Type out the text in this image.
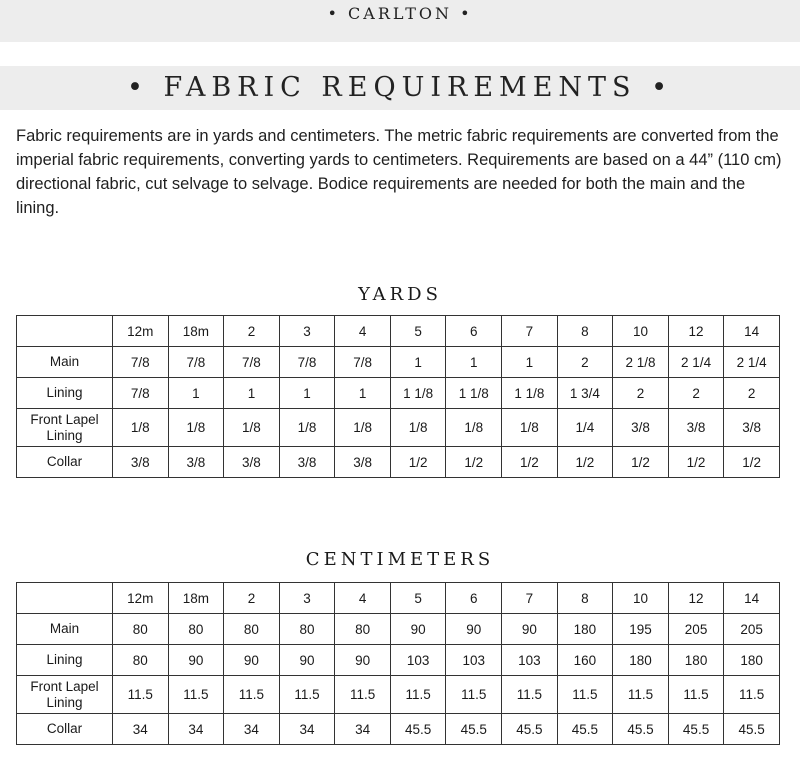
• CARLTON •
• FABRIC REQUIREMENTS •

Fabric requirements are in yards and centimeters. The metric fabric requirements are converted from the imperial fabric requirements, converting yards to centimeters. Requirements are based on a 44” (110 cm) directional fabric, cut selvage to selvage. Bodice requirements are needed for both the main and the lining.

YARDS
	12m	18m	2	3	4	5	6	7	8	10	12	14
Main	7/8	7/8	7/8	7/8	7/8	1	1	1	2	2 1/8	2 1/4	2 1/4
Lining	7/8	1	1	1	1	1 1/8	1 1/8	1 1/8	1 3/4	2	2	2
Front Lapel Lining	1/8	1/8	1/8	1/8	1/8	1/8	1/8	1/8	1/4	3/8	3/8	3/8
Collar	3/8	3/8	3/8	3/8	3/8	1/2	1/2	1/2	1/2	1/2	1/2	1/2
CENTIMETERS
	12m	18m	2	3	4	5	6	7	8	10	12	14
Main	80	80	80	80	80	90	90	90	180	195	205	205
Lining	80	90	90	90	90	103	103	103	160	180	180	180
Front Lapel Lining	11.5	11.5	11.5	11.5	11.5	11.5	11.5	11.5	11.5	11.5	11.5	11.5
Collar	34	34	34	34	34	45.5	45.5	45.5	45.5	45.5	45.5	45.5
